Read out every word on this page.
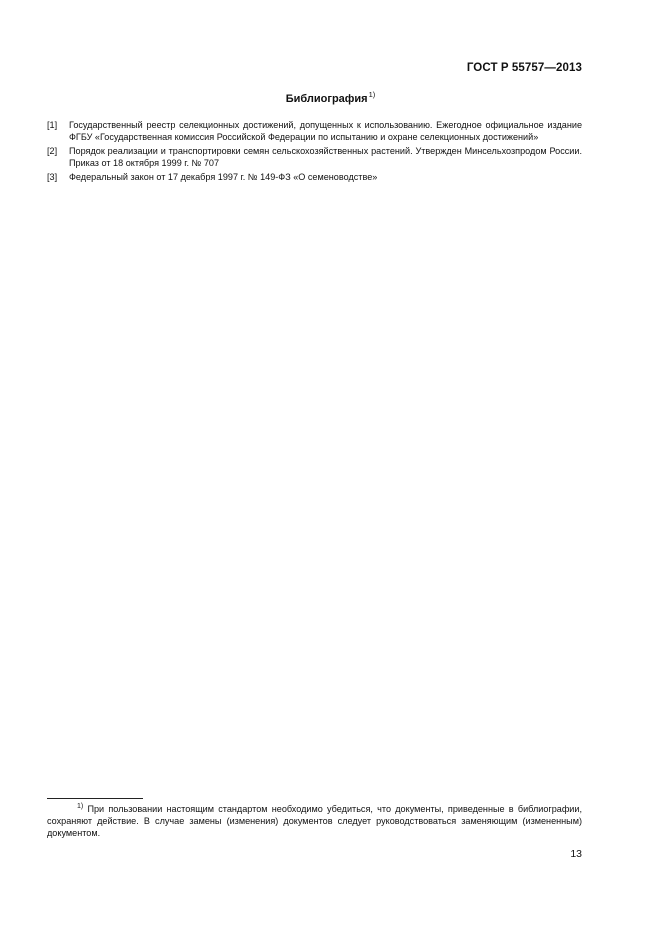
ГОСТ Р 55757—2013
Библиография$^{1)}$
[1]	Государственный реестр селекционных достижений, допущенных к использованию. Ежегодное официальное издание ФГБУ «Государственная комиссия Российской Федерации по испытанию и охране селекционных достижений»
[2]	Порядок реализации и транспортировки семян сельскохозяйственных растений. Утвержден Минсельхозпродом России. Приказ от 18 октября 1999 г. № 707
[3]	Федеральный закон от 17 декабря 1997 г. № 149-ФЗ «О семеноводстве»
$^{1)}$ При пользовании настоящим стандартом необходимо убедиться, что документы, приведенные в библиографии, сохраняют действие. В случае замены (изменения) документов следует руководствоваться заменяющим (измененным) документом.
13
